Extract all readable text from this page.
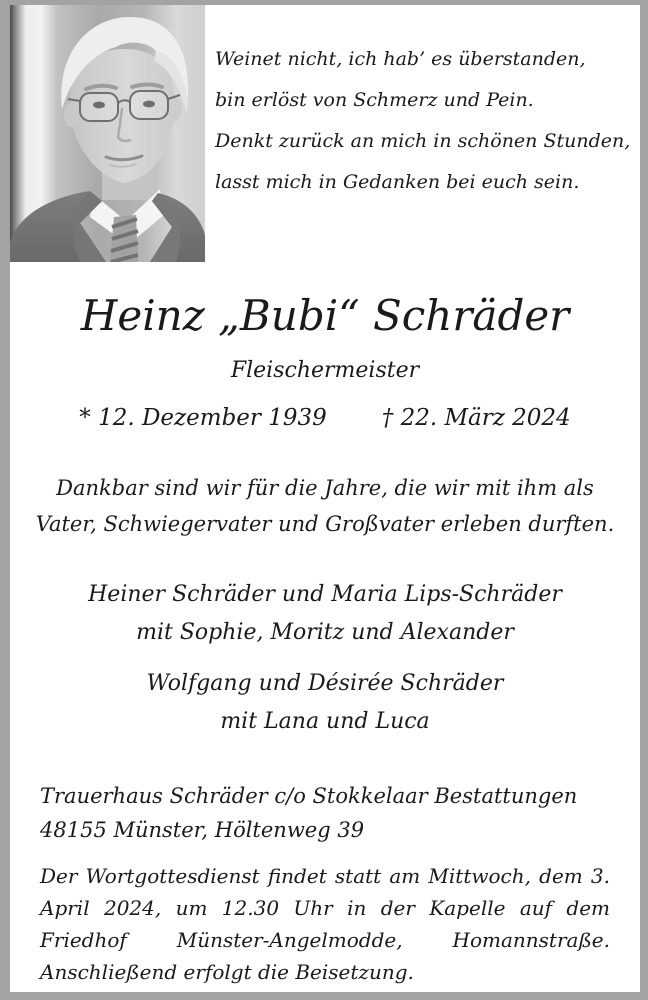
Weinet nicht, ich hab’ es überstanden,
bin erlöst von Schmerz und Pein.
Denkt zurück an mich in schönen Stunden,
lasst mich in Gedanken bei euch sein.
Heinz „Bubi“ Schräder
Fleischermeister
* 12. Dezember 1939 † 22. März 2024
Dankbar sind wir für die Jahre, die wir mit ihm als
Vater, Schwiegervater und Großvater erleben durften.
Heiner Schräder und Maria Lips-Schräder
mit Sophie, Moritz und Alexander
Wolfgang und Désirée Schräder
mit Lana und Luca
Trauerhaus Schräder c/o Stokkelaar Bestattungen
48155 Münster, Höltenweg 39

Der Wortgottesdienst findet statt am Mittwoch, dem 3. April 2024, um 12.30 Uhr in der Kapelle auf dem Friedhof Münster-Angelmodde, Homannstraße. Anschließend erfolgt die Beisetzung.
